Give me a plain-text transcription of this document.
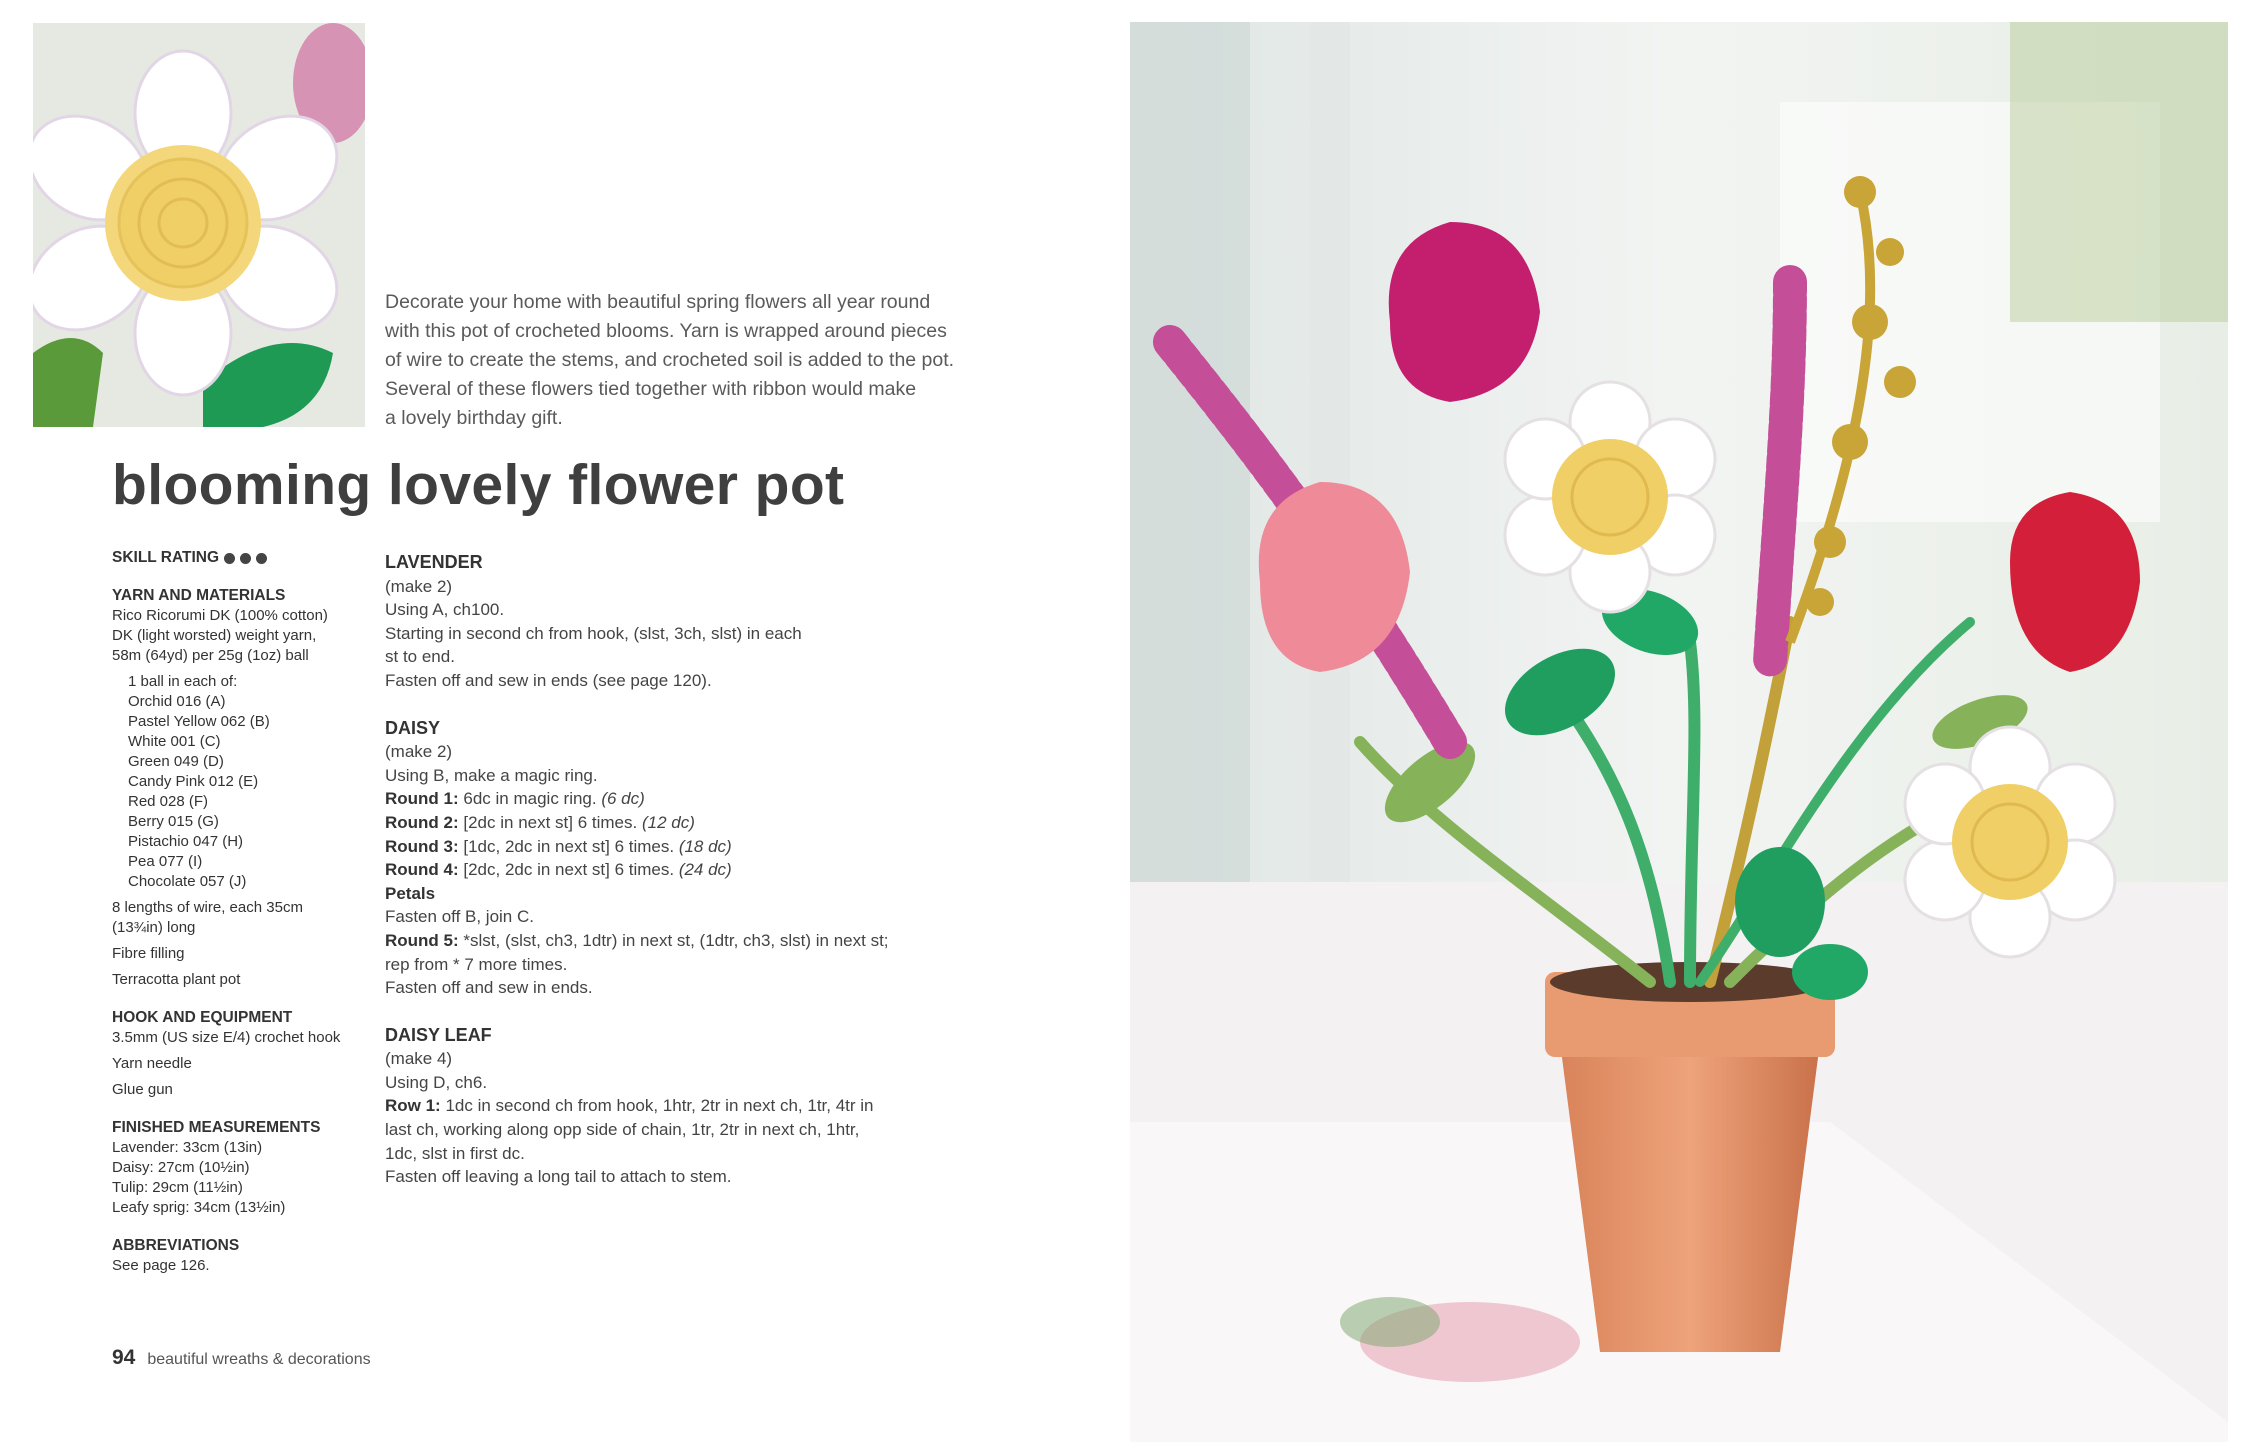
Decorate your home with beautiful spring flowers all year round
with this pot of crocheted blooms. Yarn is wrapped around pieces
of wire to create the stems, and crocheted soil is added to the pot.
Several of these flowers tied together with ribbon would make
a lovely birthday gift.
blooming lovely flower pot
SKILL RATING
YARN AND MATERIALS
Rico Ricorumi DK (100% cotton)
DK (light worsted) weight yarn,
58m (64yd) per 25g (1oz) ball
1 ball in each of:
Orchid 016 (A)
Pastel Yellow 062 (B)
White 001 (C)
Green 049 (D)
Candy Pink 012 (E)
Red 028 (F)
Berry 015 (G)
Pistachio 047 (H)
Pea 077 (I)
Chocolate 057 (J)
8 lengths of wire, each 35cm
(13¾in) long
Fibre filling
Terracotta plant pot
HOOK AND EQUIPMENT
3.5mm (US size E/4) crochet hook
Yarn needle
Glue gun
FINISHED MEASUREMENTS
Lavender: 33cm (13in)
Daisy: 27cm (10½in)
Tulip: 29cm (11½in)
Leafy sprig: 34cm (13½in)
ABBREVIATIONS
See page 126.
LAVENDER
(make 2)
Using A, ch100.
Starting in second ch from hook, (slst, 3ch, slst) in each
st to end.
Fasten off and sew in ends (see page 120).
DAISY
(make 2)
Using B, make a magic ring.
Round 1: 6dc in magic ring. (6 dc)
Round 2: [2dc in next st] 6 times. (12 dc)
Round 3: [1dc, 2dc in next st] 6 times. (18 dc)
Round 4: [2dc, 2dc in next st] 6 times. (24 dc)
Petals
Fasten off B, join C.
Round 5: *slst, (slst, ch3, 1dtr) in next st, (1dtr, ch3, slst) in next st;
rep from * 7 more times.
Fasten off and sew in ends.
DAISY LEAF
(make 4)
Using D, ch6.
Row 1: 1dc in second ch from hook, 1htr, 2tr in next ch, 1tr, 4tr in
last ch, working along opp side of chain, 1tr, 2tr in next ch, 1htr,
1dc, slst in first dc.
Fasten off leaving a long tail to attach to stem.
94 beautiful wreaths & decorations
